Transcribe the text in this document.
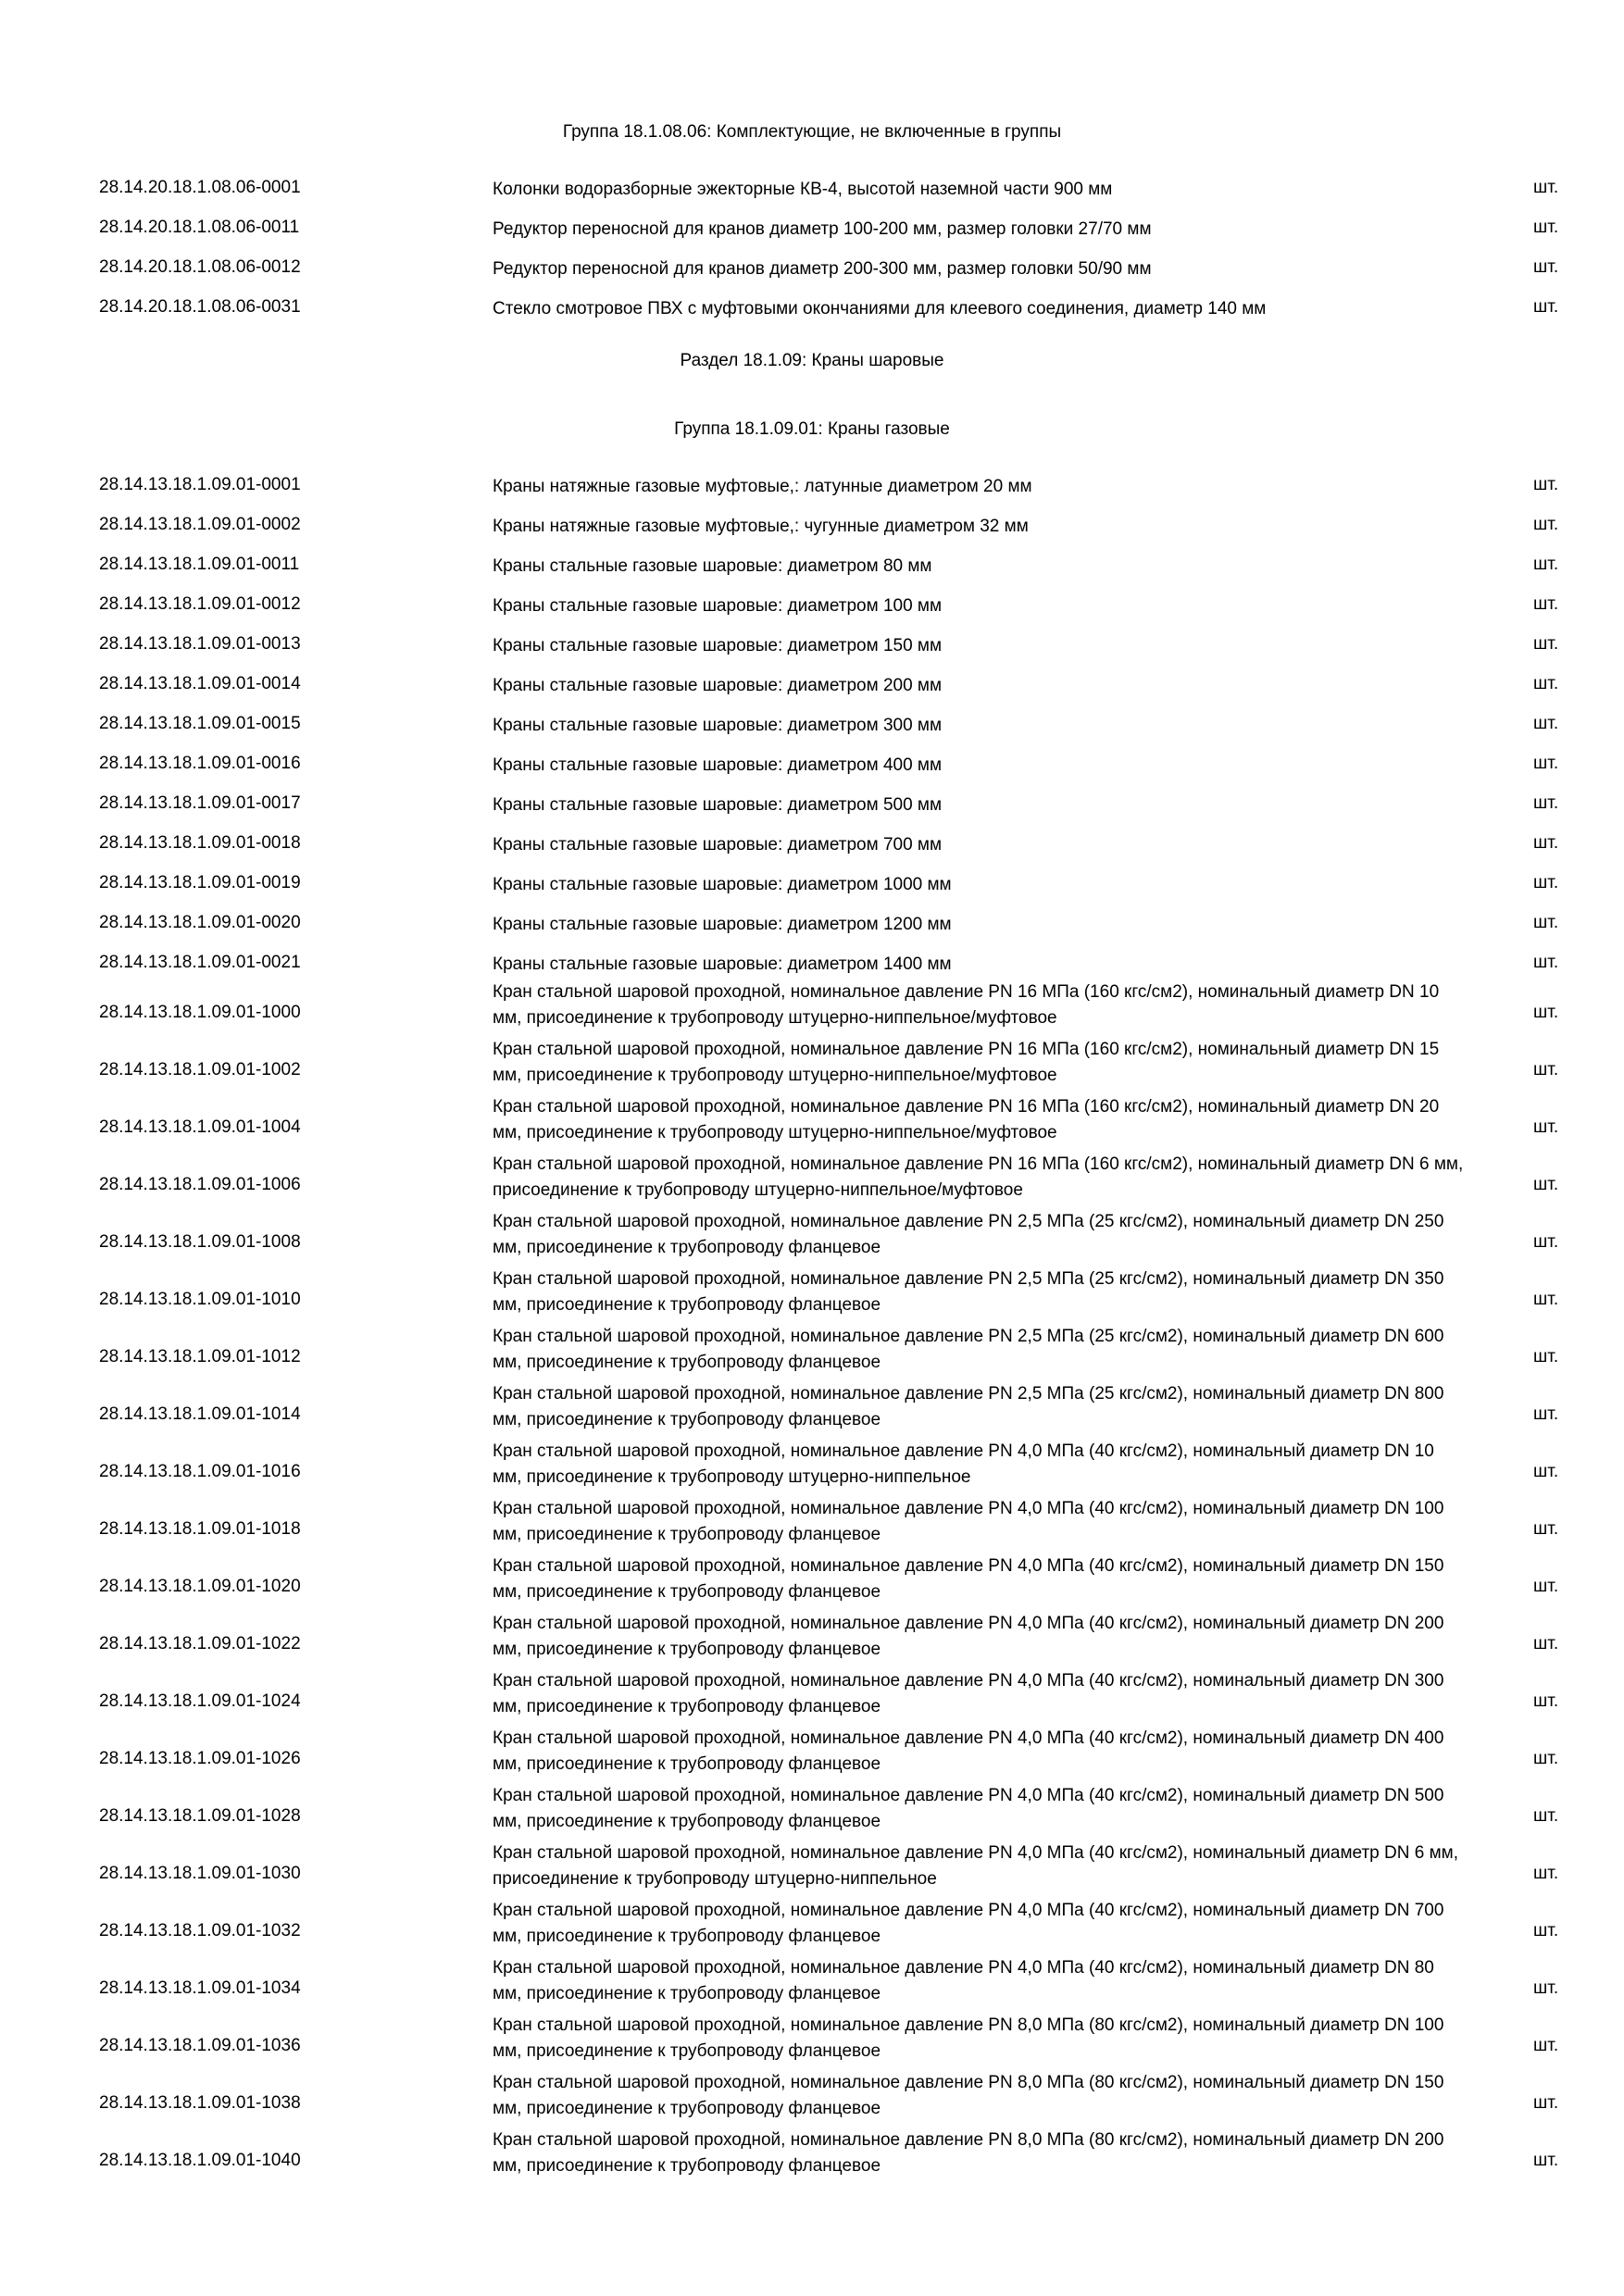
Группа 18.1.08.06: Комплектующие, не включенные в группы
28.14.20.18.1.08.06-0001	Колонки водоразборные эжекторные КВ-4, высотой наземной части 900 мм	шт.
28.14.20.18.1.08.06-0011	Редуктор переносной для кранов диаметр 100-200 мм, размер головки 27/70 мм	шт.
28.14.20.18.1.08.06-0012	Редуктор переносной для кранов диаметр 200-300 мм, размер головки 50/90 мм	шт.
28.14.20.18.1.08.06-0031	Стекло смотровое ПВХ с муфтовыми окончаниями для клеевого соединения, диаметр 140 мм	шт.
Раздел 18.1.09: Краны шаровые
Группа 18.1.09.01: Краны газовые
28.14.13.18.1.09.01-0001	Краны натяжные газовые муфтовые,: латунные диаметром 20 мм	шт.
28.14.13.18.1.09.01-0002	Краны натяжные газовые муфтовые,: чугунные диаметром 32 мм	шт.
28.14.13.18.1.09.01-0011	Краны стальные газовые шаровые: диаметром 80 мм	шт.
28.14.13.18.1.09.01-0012	Краны стальные газовые шаровые: диаметром 100 мм	шт.
28.14.13.18.1.09.01-0013	Краны стальные газовые шаровые: диаметром 150 мм	шт.
28.14.13.18.1.09.01-0014	Краны стальные газовые шаровые: диаметром 200 мм	шт.
28.14.13.18.1.09.01-0015	Краны стальные газовые шаровые: диаметром 300 мм	шт.
28.14.13.18.1.09.01-0016	Краны стальные газовые шаровые: диаметром 400 мм	шт.
28.14.13.18.1.09.01-0017	Краны стальные газовые шаровые: диаметром 500 мм	шт.
28.14.13.18.1.09.01-0018	Краны стальные газовые шаровые: диаметром 700 мм	шт.
28.14.13.18.1.09.01-0019	Краны стальные газовые шаровые: диаметром 1000 мм	шт.
28.14.13.18.1.09.01-0020	Краны стальные газовые шаровые: диаметром 1200 мм	шт.
28.14.13.18.1.09.01-0021	Краны стальные газовые шаровые: диаметром 1400 мм	шт.
28.14.13.18.1.09.01-1000
Кран стальной шаровой проходной, номинальное давление PN 16 МПа (160 кгс/см2), номинальный диаметр DN 10 мм, присоединение к трубопроводу штуцерно-ниппельное/муфтовое	шт.
28.14.13.18.1.09.01-1002
Кран стальной шаровой проходной, номинальное давление PN 16 МПа (160 кгс/см2), номинальный диаметр DN 15 мм, присоединение к трубопроводу штуцерно-ниппельное/муфтовое	шт.
28.14.13.18.1.09.01-1004
Кран стальной шаровой проходной, номинальное давление PN 16 МПа (160 кгс/см2), номинальный диаметр DN 20 мм, присоединение к трубопроводу штуцерно-ниппельное/муфтовое	шт.
28.14.13.18.1.09.01-1006
Кран стальной шаровой проходной, номинальное давление PN 16 МПа (160 кгс/см2), номинальный диаметр DN 6 мм, присоединение к трубопроводу штуцерно-ниппельное/муфтовое	шт.
28.14.13.18.1.09.01-1008
Кран стальной шаровой проходной, номинальное давление PN 2,5 МПа (25 кгс/см2), номинальный диаметр DN 250 мм, присоединение к трубопроводу фланцевое	шт.
28.14.13.18.1.09.01-1010
Кран стальной шаровой проходной, номинальное давление PN 2,5 МПа (25 кгс/см2), номинальный диаметр DN 350 мм, присоединение к трубопроводу фланцевое	шт.
28.14.13.18.1.09.01-1012
Кран стальной шаровой проходной, номинальное давление PN 2,5 МПа (25 кгс/см2), номинальный диаметр DN 600 мм, присоединение к трубопроводу фланцевое	шт.
28.14.13.18.1.09.01-1014
Кран стальной шаровой проходной, номинальное давление PN 2,5 МПа (25 кгс/см2), номинальный диаметр DN 800 мм, присоединение к трубопроводу фланцевое	шт.
28.14.13.18.1.09.01-1016
Кран стальной шаровой проходной, номинальное давление PN 4,0 МПа (40 кгс/см2), номинальный диаметр DN 10 мм, присоединение к трубопроводу штуцерно-ниппельное	шт.
28.14.13.18.1.09.01-1018
Кран стальной шаровой проходной, номинальное давление PN 4,0 МПа (40 кгс/см2), номинальный диаметр DN 100 мм, присоединение к трубопроводу фланцевое	шт.
28.14.13.18.1.09.01-1020
Кран стальной шаровой проходной, номинальное давление PN 4,0 МПа (40 кгс/см2), номинальный диаметр DN 150 мм, присоединение к трубопроводу фланцевое	шт.
28.14.13.18.1.09.01-1022
Кран стальной шаровой проходной, номинальное давление PN 4,0 МПа (40 кгс/см2), номинальный диаметр DN 200 мм, присоединение к трубопроводу фланцевое	шт.
28.14.13.18.1.09.01-1024
Кран стальной шаровой проходной, номинальное давление PN 4,0 МПа (40 кгс/см2), номинальный диаметр DN 300 мм, присоединение к трубопроводу фланцевое	шт.
28.14.13.18.1.09.01-1026
Кран стальной шаровой проходной, номинальное давление PN 4,0 МПа (40 кгс/см2), номинальный диаметр DN 400 мм, присоединение к трубопроводу фланцевое	шт.
28.14.13.18.1.09.01-1028
Кран стальной шаровой проходной, номинальное давление PN 4,0 МПа (40 кгс/см2), номинальный диаметр DN 500 мм, присоединение к трубопроводу фланцевое	шт.
28.14.13.18.1.09.01-1030
Кран стальной шаровой проходной, номинальное давление PN 4,0 МПа (40 кгс/см2), номинальный диаметр DN 6 мм, присоединение к трубопроводу штуцерно-ниппельное	шт.
28.14.13.18.1.09.01-1032
Кран стальной шаровой проходной, номинальное давление PN 4,0 МПа (40 кгс/см2), номинальный диаметр DN 700 мм, присоединение к трубопроводу фланцевое	шт.
28.14.13.18.1.09.01-1034
Кран стальной шаровой проходной, номинальное давление PN 4,0 МПа (40 кгс/см2), номинальный диаметр DN 80 мм, присоединение к трубопроводу фланцевое	шт.
28.14.13.18.1.09.01-1036
Кран стальной шаровой проходной, номинальное давление PN 8,0 МПа (80 кгс/см2), номинальный диаметр DN 100 мм, присоединение к трубопроводу фланцевое	шт.
28.14.13.18.1.09.01-1038
Кран стальной шаровой проходной, номинальное давление PN 8,0 МПа (80 кгс/см2), номинальный диаметр DN 150 мм, присоединение к трубопроводу фланцевое	шт.
28.14.13.18.1.09.01-1040
Кран стальной шаровой проходной, номинальное давление PN 8,0 МПа (80 кгс/см2), номинальный диаметр DN 200 мм, присоединение к трубопроводу фланцевое	шт.
